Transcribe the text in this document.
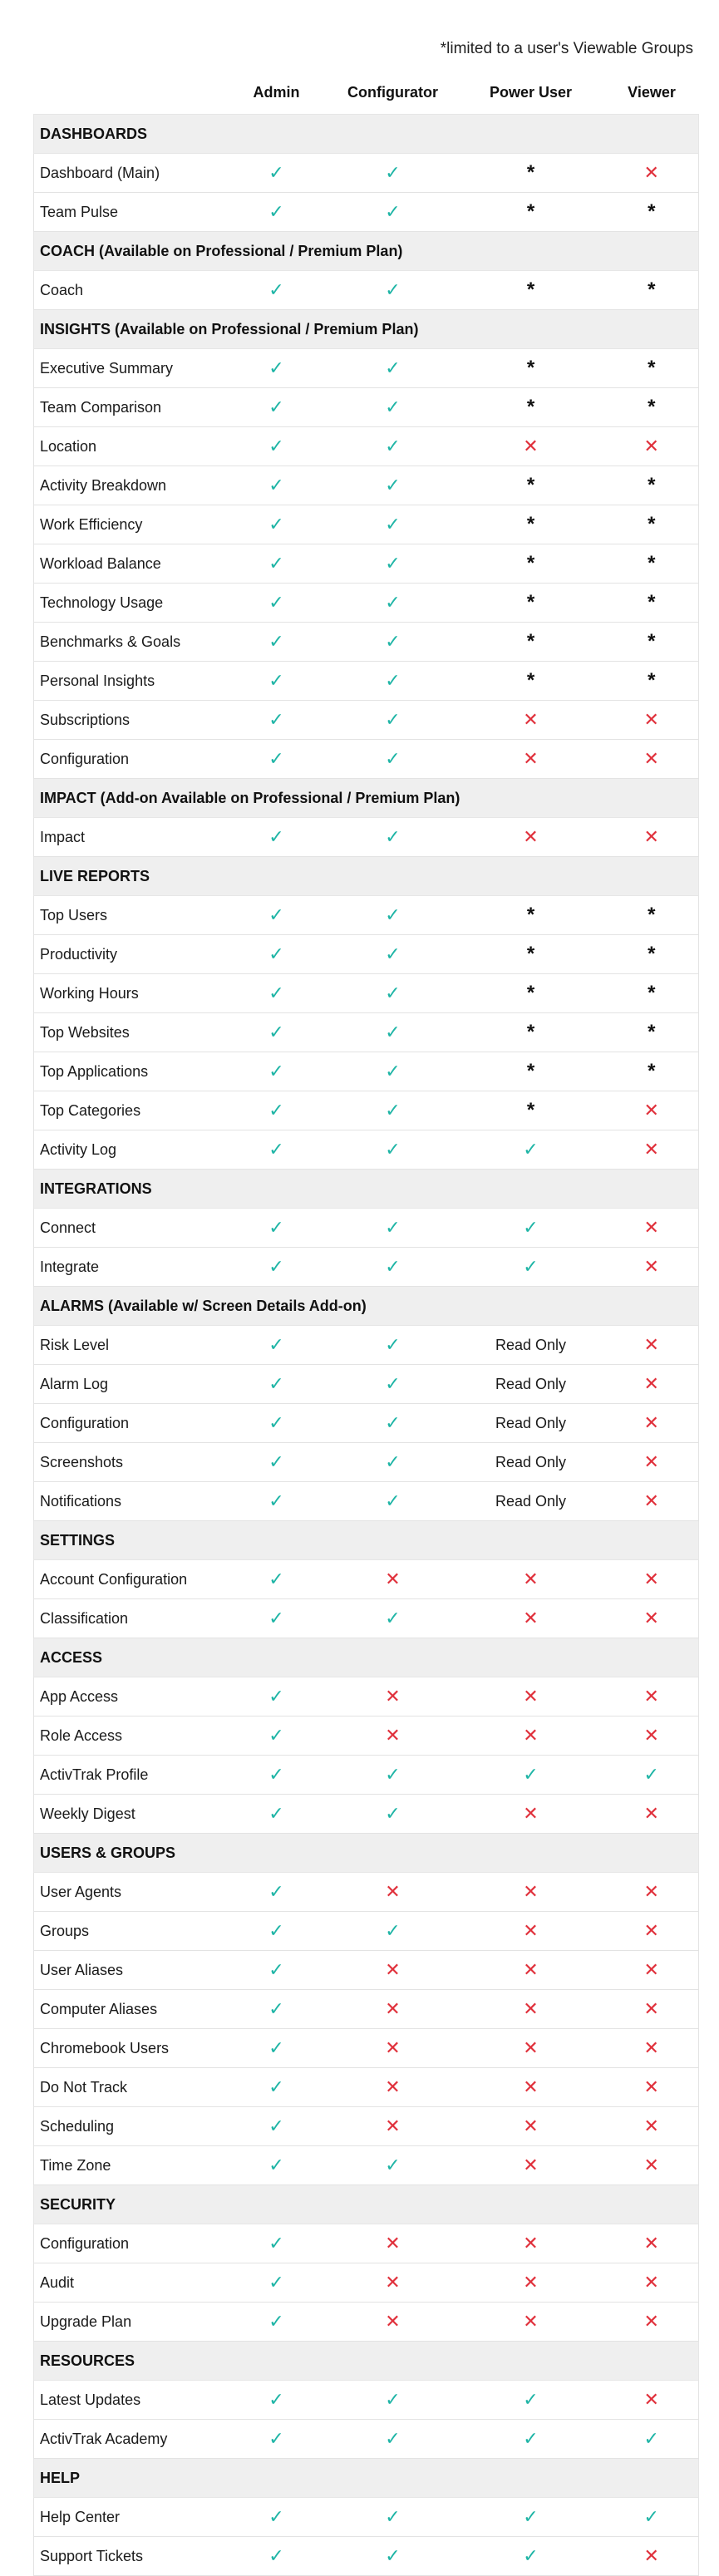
*limited to a user's Viewable Groups
	Admin	Configurator	Power User	Viewer
DASHBOARDS				
Dashboard (Main)	✓	✓	*	✕
Team Pulse	✓	✓	*	*
COACH (Available on Professional / Premium Plan)				
Coach	✓	✓	*	*
INSIGHTS (Available on Professional / Premium Plan)				
Executive Summary	✓	✓	*	*
Team Comparison	✓	✓	*	*
Location	✓	✓	✕	✕
Activity Breakdown	✓	✓	*	*
Work Efficiency	✓	✓	*	*
Workload Balance	✓	✓	*	*
Technology Usage	✓	✓	*	*
Benchmarks & Goals	✓	✓	*	*
Personal Insights	✓	✓	*	*
Subscriptions	✓	✓	✕	✕
Configuration	✓	✓	✕	✕
IMPACT (Add-on Available on Professional / Premium Plan)				
Impact	✓	✓	✕	✕
LIVE REPORTS				
Top Users	✓	✓	*	*
Productivity	✓	✓	*	*
Working Hours	✓	✓	*	*
Top Websites	✓	✓	*	*
Top Applications	✓	✓	*	*
Top Categories	✓	✓	*	✕
Activity Log	✓	✓	✓	✕
INTEGRATIONS				
Connect	✓	✓	✓	✕
Integrate	✓	✓	✓	✕
ALARMS (Available w/ Screen Details Add-on)				
Risk Level	✓	✓	Read Only	✕
Alarm Log	✓	✓	Read Only	✕
Configuration	✓	✓	Read Only	✕
Screenshots	✓	✓	Read Only	✕
Notifications	✓	✓	Read Only	✕
SETTINGS				
Account Configuration	✓	✕	✕	✕
Classification	✓	✓	✕	✕
ACCESS				
App Access	✓	✕	✕	✕
Role Access	✓	✕	✕	✕
ActivTrak Profile	✓	✓	✓	✓
Weekly Digest	✓	✓	✕	✕
USERS & GROUPS				
User Agents	✓	✕	✕	✕
Groups	✓	✓	✕	✕
User Aliases	✓	✕	✕	✕
Computer Aliases	✓	✕	✕	✕
Chromebook Users	✓	✕	✕	✕
Do Not Track	✓	✕	✕	✕
Scheduling	✓	✕	✕	✕
Time Zone	✓	✓	✕	✕
SECURITY				
Configuration	✓	✕	✕	✕
Audit	✓	✕	✕	✕
Upgrade Plan	✓	✕	✕	✕
RESOURCES				
Latest Updates	✓	✓	✓	✕
ActivTrak Academy	✓	✓	✓	✓
HELP				
Help Center	✓	✓	✓	✓
Support Tickets	✓	✓	✓	✕
